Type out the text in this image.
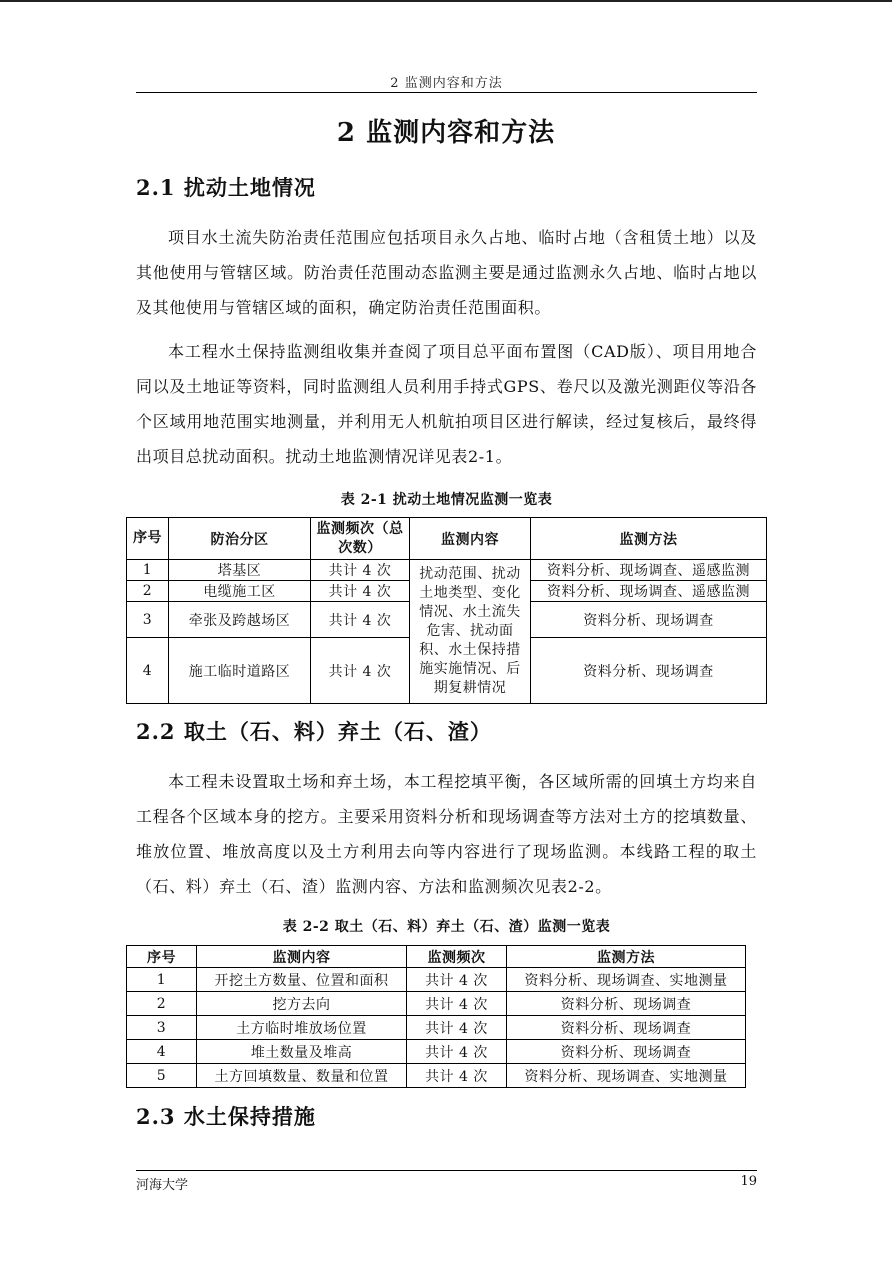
2 监测内容和方法
2 监测内容和方法
2.1 扰动土地情况

项目水土流失防治责任范围应包括项目永久占地、临时占地（含租赁土地）以及其他使用与管辖区域。防治责任范围动态监测主要是通过监测永久占地、临时占地以及其他使用与管辖区域的面积，确定防治责任范围面积。

本工程水土保持监测组收集并查阅了项目总平面布置图（CAD版）、项目用地合同以及土地证等资料，同时监测组人员利用手持式GPS、卷尺以及激光测距仪等沿各个区域用地范围实地测量，并利用无人机航拍项目区进行解读，经过复核后，最终得出项目总扰动面积。扰动土地监测情况详见表2-1。

表 2-1 扰动土地情况监测一览表
序号	防治分区	监测频次（总次数）	监测内容	监测方法
1	塔基区	共计 4 次	扰动范围、扰动土地类型、变化情况、水土流失危害、扰动面积、水土保持措施实施情况、后期复耕情况	资料分析、现场调查、遥感监测
2	电缆施工区	共计 4 次		资料分析、现场调查、遥感监测
3	牵张及跨越场区	共计 4 次		资料分析、现场调查
4	施工临时道路区	共计 4 次		资料分析、现场调查
2.2 取土（石、料）弃土（石、渣）

本工程未设置取土场和弃土场，本工程挖填平衡，各区域所需的回填土方均来自工程各个区域本身的挖方。主要采用资料分析和现场调查等方法对土方的挖填数量、堆放位置、堆放高度以及土方利用去向等内容进行了现场监测。本线路工程的取土（石、料）弃土（石、渣）监测内容、方法和监测频次见表2-2。

表 2-2 取土（石、料）弃土（石、渣）监测一览表
序号	监测内容	监测频次	监测方法
1	开挖土方数量、位置和面积	共计 4 次	资料分析、现场调查、实地测量
2	挖方去向	共计 4 次	资料分析、现场调查
3	土方临时堆放场位置	共计 4 次	资料分析、现场调查
4	堆土数量及堆高	共计 4 次	资料分析、现场调查
5	土方回填数量、数量和位置	共计 4 次	资料分析、现场调查、实地测量
2.3 水土保持措施
河海大学	19
